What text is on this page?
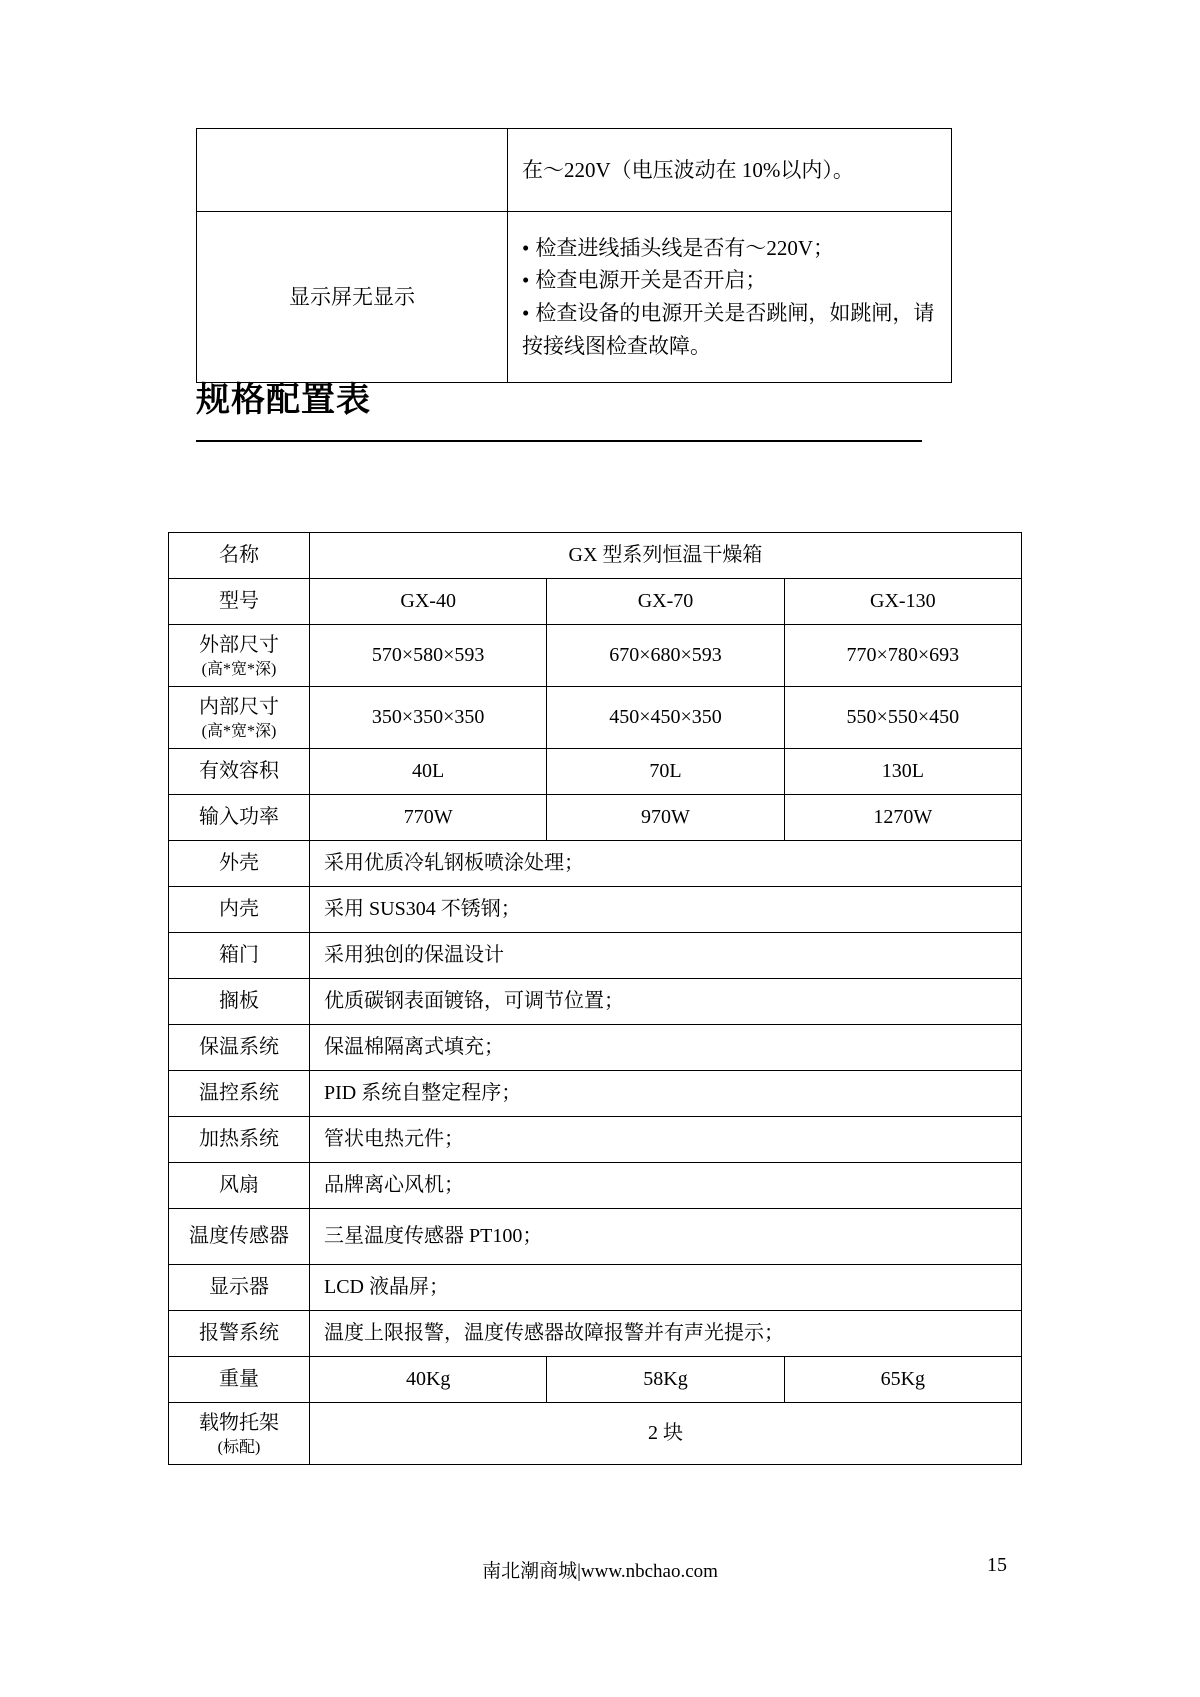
	在～220V（电压波动在 10%以内）。
显示屏无显示	• 检查进线插头线是否有～220V；
• 检查电源开关是否开启；
• 检查设备的电源开关是否跳闸，如跳闸，请
按接线图检查故障。
规格配置表
名称	GX 型系列恒温干燥箱		
型号	GX-40	GX-70	GX-130
外部尺寸
(高*宽*深)	570×580×593	670×680×593	770×780×693
内部尺寸
(高*宽*深)	350×350×350	450×450×350	550×550×450
有效容积	40L	70L	130L
输入功率	770W	970W	1270W
外壳	采用优质冷轧钢板喷涂处理；		
内壳	采用 SUS304 不锈钢；		
箱门	采用独创的保温设计		
搁板	优质碳钢表面镀铬，可调节位置；		
保温系统	保温棉隔离式填充；		
温控系统	PID 系统自整定程序；		
加热系统	管状电热元件；		
风扇	品牌离心风机；		
温度传感器	三星温度传感器 PT100；		
显示器	LCD 液晶屏；		
报警系统	温度上限报警，温度传感器故障报警并有声光提示；		
重量	40Kg	58Kg	65Kg
载物托架
(标配)	2 块		
南北潮商城|www.nbchao.com	15
